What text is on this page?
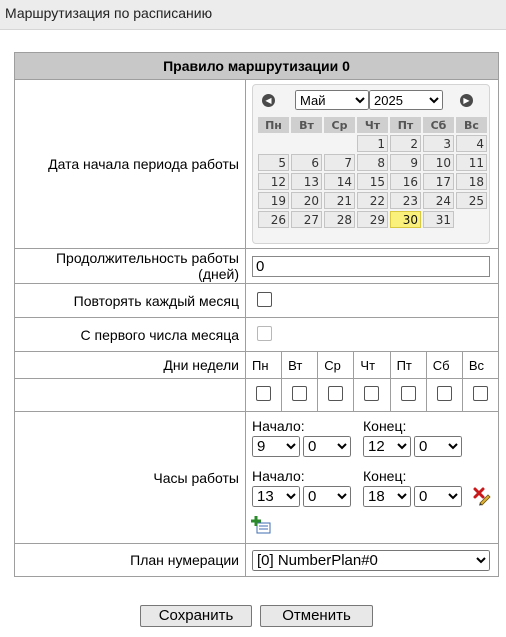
Маршрутизация по расписанию
Правило маршрутизации 0
Дата начала периода работы	
◀
Май
2025	▶
Пн	Вт	Ср	Чт	Пт	Сб	Вс
			1	2	3	4
5	6	7	8	9	10	11
12	13	14	15	16	17	18
19	20	21	22	23	24	25
26	27	28	29	30	31	

Продолжительность работы (дней)	0
Повторять каждый месяц	
С первого числа месяца	
Дни недели	Пн	Вт	Ср	Чт	Пт	Сб	Вс

Часы работы	
Начало:	Конец:
9
0
12
0
Начало:	Конец:
13
0
18
0

План нумерации	
[0] NumberPlan#0
Сохранить	Отменить
